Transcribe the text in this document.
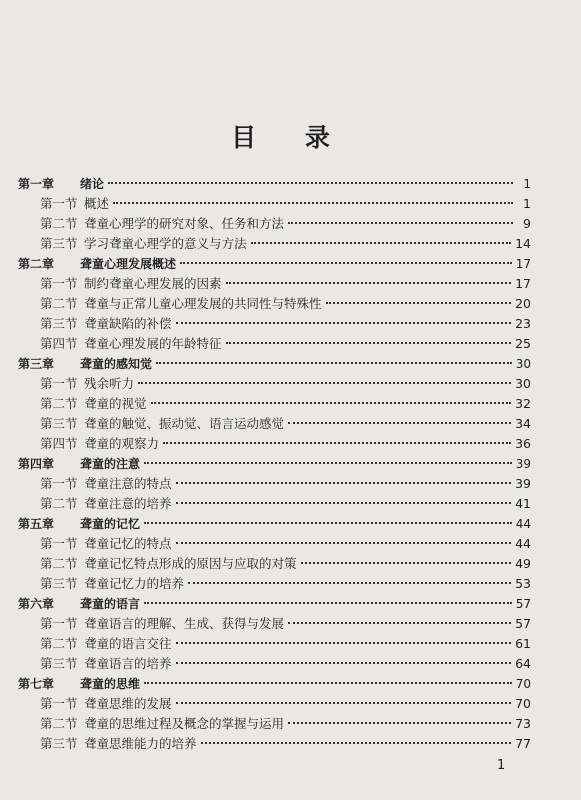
目 录
第一章	绪论	1
第一节 概述	1
第二节 聋童心理学的研究对象、任务和方法	9
第三节 学习聋童心理学的意义与方法	14
第二章	聋童心理发展概述	17
第一节 制约聋童心理发展的因素	17
第二节 聋童与正常儿童心理发展的共同性与特殊性	20
第三节 聋童缺陷的补偿	23
第四节 聋童心理发展的年龄特征	25
第三章	聋童的感知觉	30
第一节 残余听力	30
第二节 聋童的视觉	32
第三节 聋童的触觉、振动觉、语言运动感觉	34
第四节 聋童的观察力	36
第四章	聋童的注意	39
第一节 聋童注意的特点	39
第二节 聋童注意的培养	41
第五章	聋童的记忆	44
第一节 聋童记忆的特点	44
第二节 聋童记忆特点形成的原因与应取的对策	49
第三节 聋童记忆力的培养	53
第六章	聋童的语言	57
第一节 聋童语言的理解、生成、获得与发展	57
第二节 聋童的语言交往	61
第三节 聋童语言的培养	64
第七章	聋童的思维	70
第一节 聋童思维的发展	70
第二节 聋童的思维过程及概念的掌握与运用	73
第三节 聋童思维能力的培养	77
1
